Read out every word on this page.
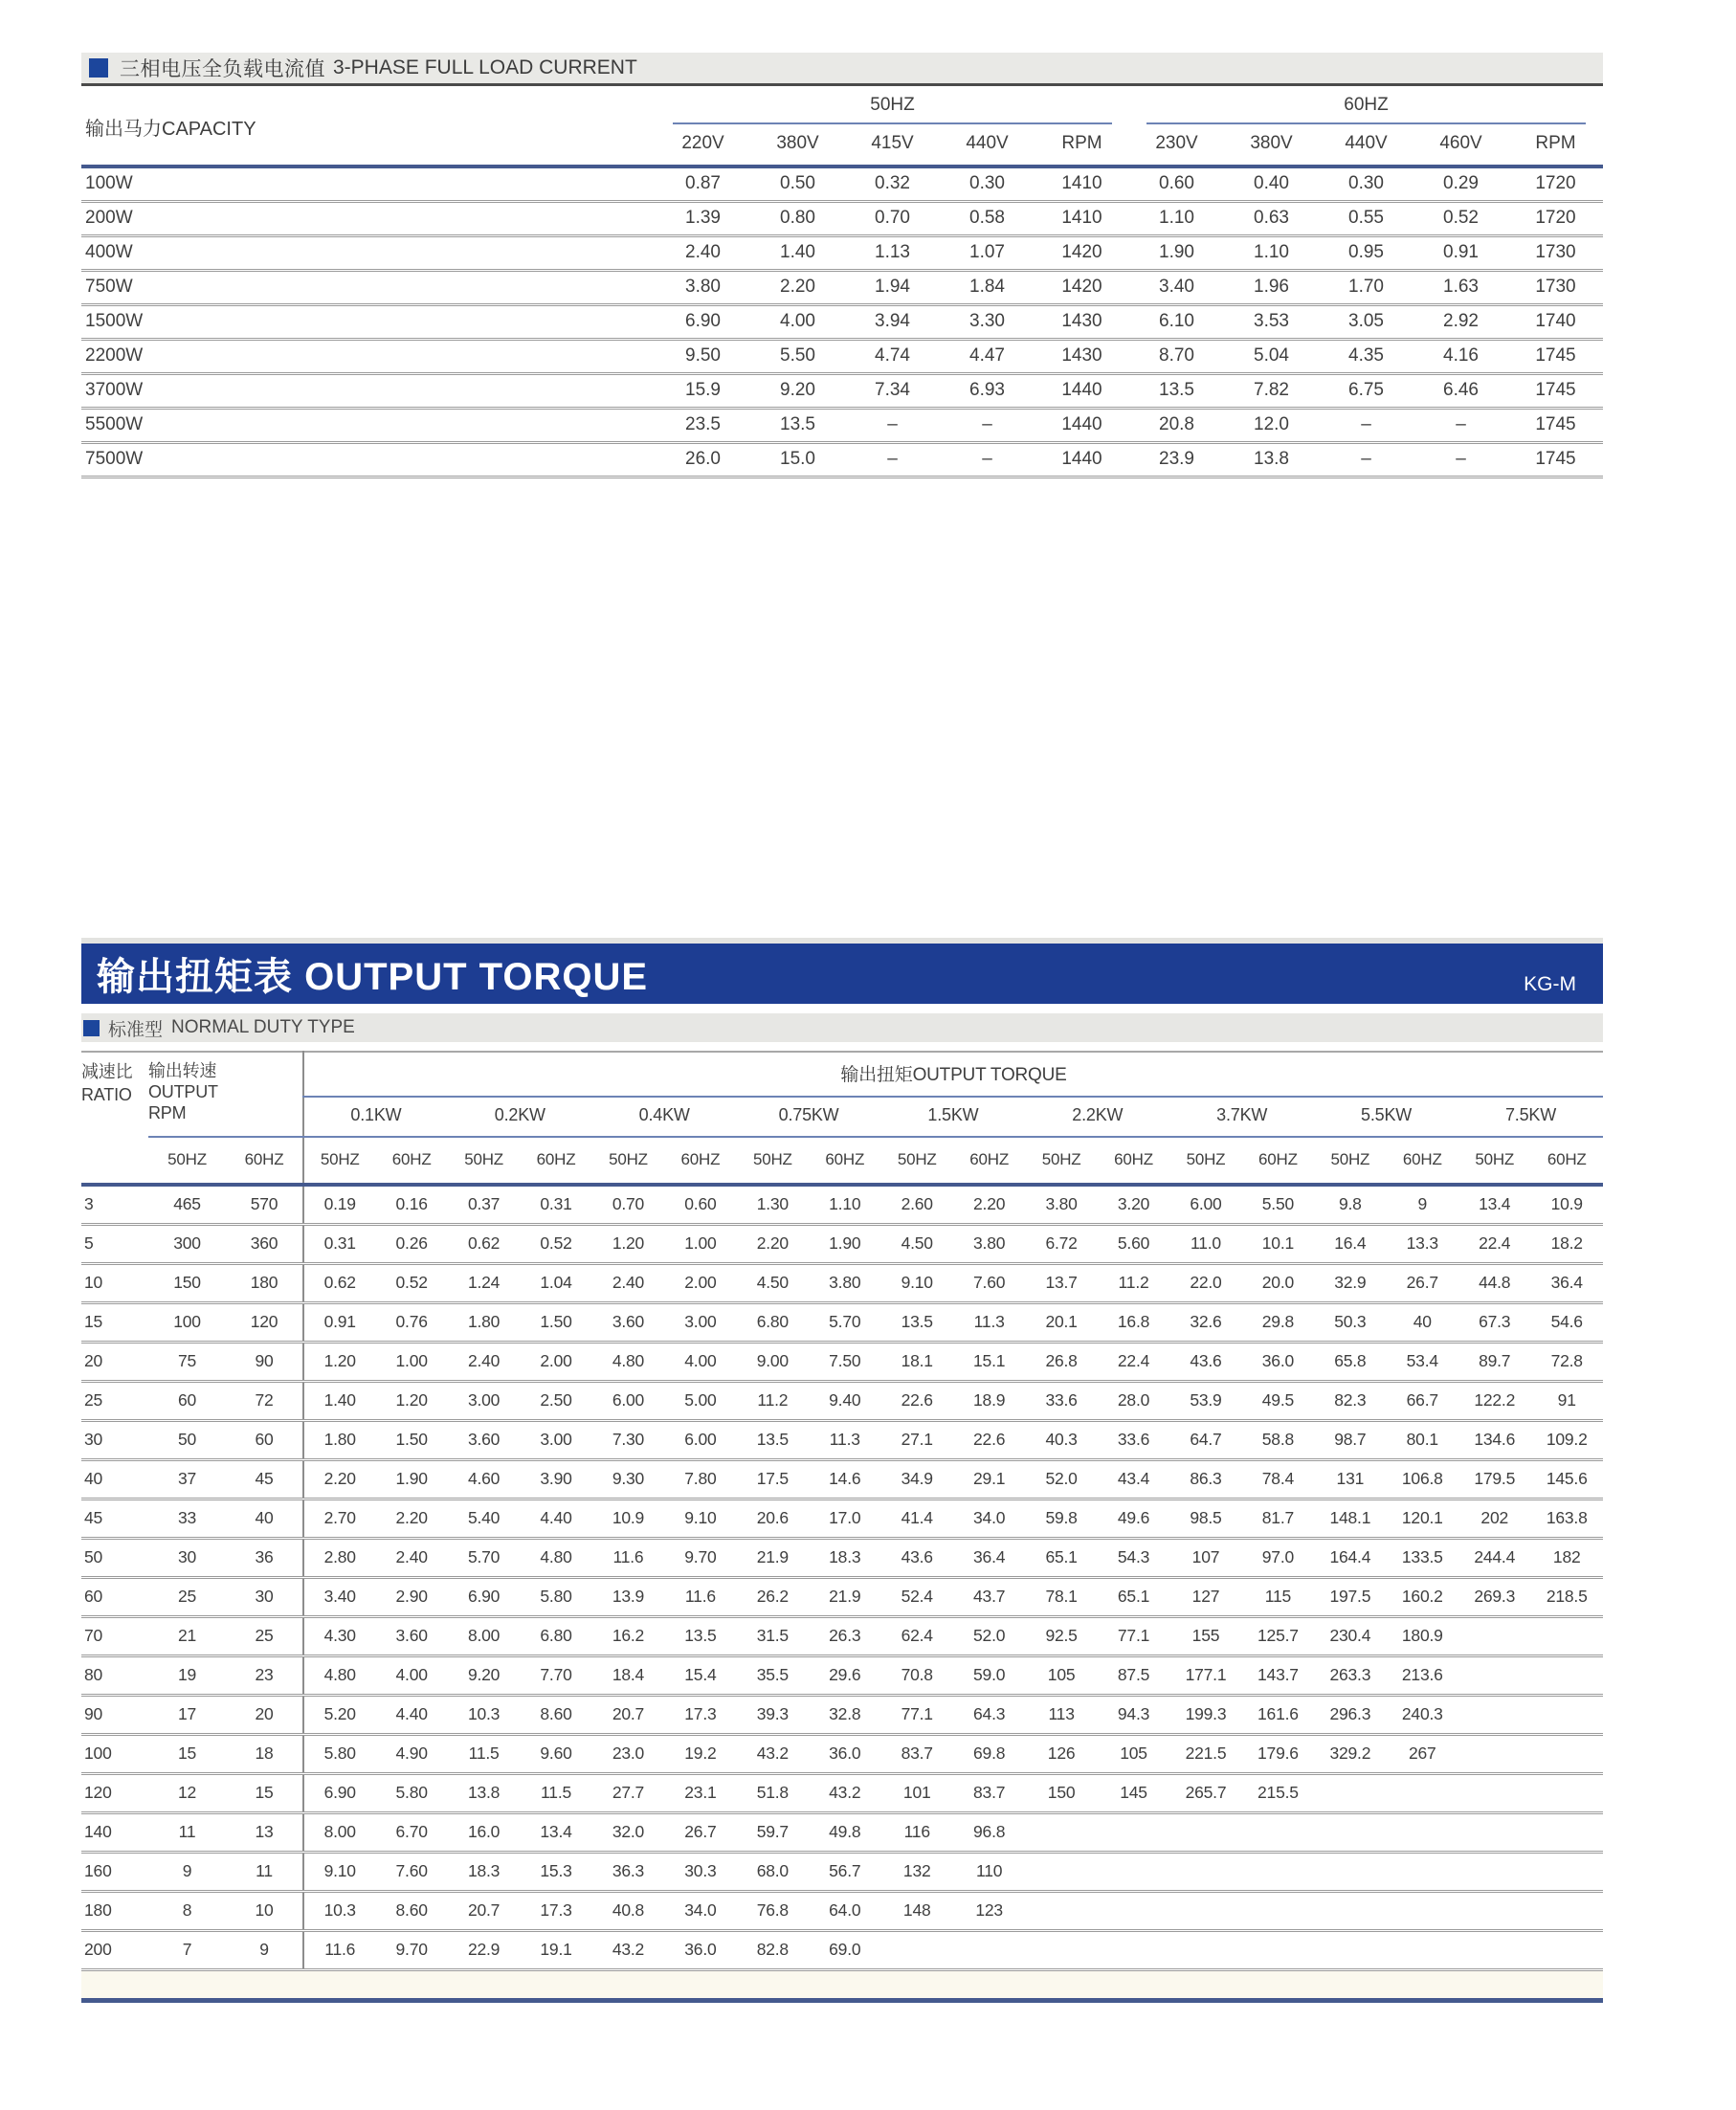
三相电压全负载电流值 3-PHASE FULL LOAD CURRENT
输出马力CAPACITY	50HZ					60HZ				

	220V	380V	415V	440V	RPM	230V	380V	440V	460V	RPM
100W	0.87	0.50	0.32	0.30	1410	0.60	0.40	0.30	0.29	1720
200W	1.39	0.80	0.70	0.58	1410	1.10	0.63	0.55	0.52	1720
400W	2.40	1.40	1.13	1.07	1420	1.90	1.10	0.95	0.91	1730
750W	3.80	2.20	1.94	1.84	1420	3.40	1.96	1.70	1.63	1730
1500W	6.90	4.00	3.94	3.30	1430	6.10	3.53	3.05	2.92	1740
2200W	9.50	5.50	4.74	4.47	1430	8.70	5.04	4.35	4.16	1745
3700W	15.9	9.20	7.34	6.93	1440	13.5	7.82	6.75	6.46	1745
5500W	23.5	13.5	–	–	1440	20.8	12.0	–	–	1745
7500W	26.0	15.0	–	–	1440	23.9	13.8	–	–	1745
输出扭矩表 OUTPUT TORQUE	KG-M
标准型 NORMAL DUTY TYPE
减速比
RATIO

输出转速
OUTPUT
RPM
	输出扭矩OUTPUT TORQUE
			0.1KW		0.2KW		0.4KW		0.75KW		1.5KW		2.2KW		3.7KW		5.5KW		7.5KW	
	50HZ	60HZ	50HZ	60HZ	50HZ	60HZ	50HZ	60HZ	50HZ	60HZ	50HZ	60HZ	50HZ	60HZ	50HZ	60HZ	50HZ	60HZ	50HZ	60HZ
3	465	570	0.19	0.16	0.37	0.31	0.70	0.60	1.30	1.10	2.60	2.20	3.80	3.20	6.00	5.50	9.8	9	13.4	10.9
5	300	360	0.31	0.26	0.62	0.52	1.20	1.00	2.20	1.90	4.50	3.80	6.72	5.60	11.0	10.1	16.4	13.3	22.4	18.2
10	150	180	0.62	0.52	1.24	1.04	2.40	2.00	4.50	3.80	9.10	7.60	13.7	11.2	22.0	20.0	32.9	26.7	44.8	36.4
15	100	120	0.91	0.76	1.80	1.50	3.60	3.00	6.80	5.70	13.5	11.3	20.1	16.8	32.6	29.8	50.3	40	67.3	54.6
20	75	90	1.20	1.00	2.40	2.00	4.80	4.00	9.00	7.50	18.1	15.1	26.8	22.4	43.6	36.0	65.8	53.4	89.7	72.8
25	60	72	1.40	1.20	3.00	2.50	6.00	5.00	11.2	9.40	22.6	18.9	33.6	28.0	53.9	49.5	82.3	66.7	122.2	91
30	50	60	1.80	1.50	3.60	3.00	7.30	6.00	13.5	11.3	27.1	22.6	40.3	33.6	64.7	58.8	98.7	80.1	134.6	109.2
40	37	45	2.20	1.90	4.60	3.90	9.30	7.80	17.5	14.6	34.9	29.1	52.0	43.4	86.3	78.4	131	106.8	179.5	145.6
45	33	40	2.70	2.20	5.40	4.40	10.9	9.10	20.6	17.0	41.4	34.0	59.8	49.6	98.5	81.7	148.1	120.1	202	163.8
50	30	36	2.80	2.40	5.70	4.80	11.6	9.70	21.9	18.3	43.6	36.4	65.1	54.3	107	97.0	164.4	133.5	244.4	182
60	25	30	3.40	2.90	6.90	5.80	13.9	11.6	26.2	21.9	52.4	43.7	78.1	65.1	127	115	197.5	160.2	269.3	218.5
70	21	25	4.30	3.60	8.00	6.80	16.2	13.5	31.5	26.3	62.4	52.0	92.5	77.1	155	125.7	230.4	180.9		
80	19	23	4.80	4.00	9.20	7.70	18.4	15.4	35.5	29.6	70.8	59.0	105	87.5	177.1	143.7	263.3	213.6		
90	17	20	5.20	4.40	10.3	8.60	20.7	17.3	39.3	32.8	77.1	64.3	113	94.3	199.3	161.6	296.3	240.3		
100	15	18	5.80	4.90	11.5	9.60	23.0	19.2	43.2	36.0	83.7	69.8	126	105	221.5	179.6	329.2	267		
120	12	15	6.90	5.80	13.8	11.5	27.7	23.1	51.8	43.2	101	83.7	150	145	265.7	215.5				
140	11	13	8.00	6.70	16.0	13.4	32.0	26.7	59.7	49.8	116	96.8								
160	9	11	9.10	7.60	18.3	15.3	36.3	30.3	68.0	56.7	132	110								
180	8	10	10.3	8.60	20.7	17.3	40.8	34.0	76.8	64.0	148	123								
200	7	9	11.6	9.70	22.9	19.1	43.2	36.0	82.8	69.0										
